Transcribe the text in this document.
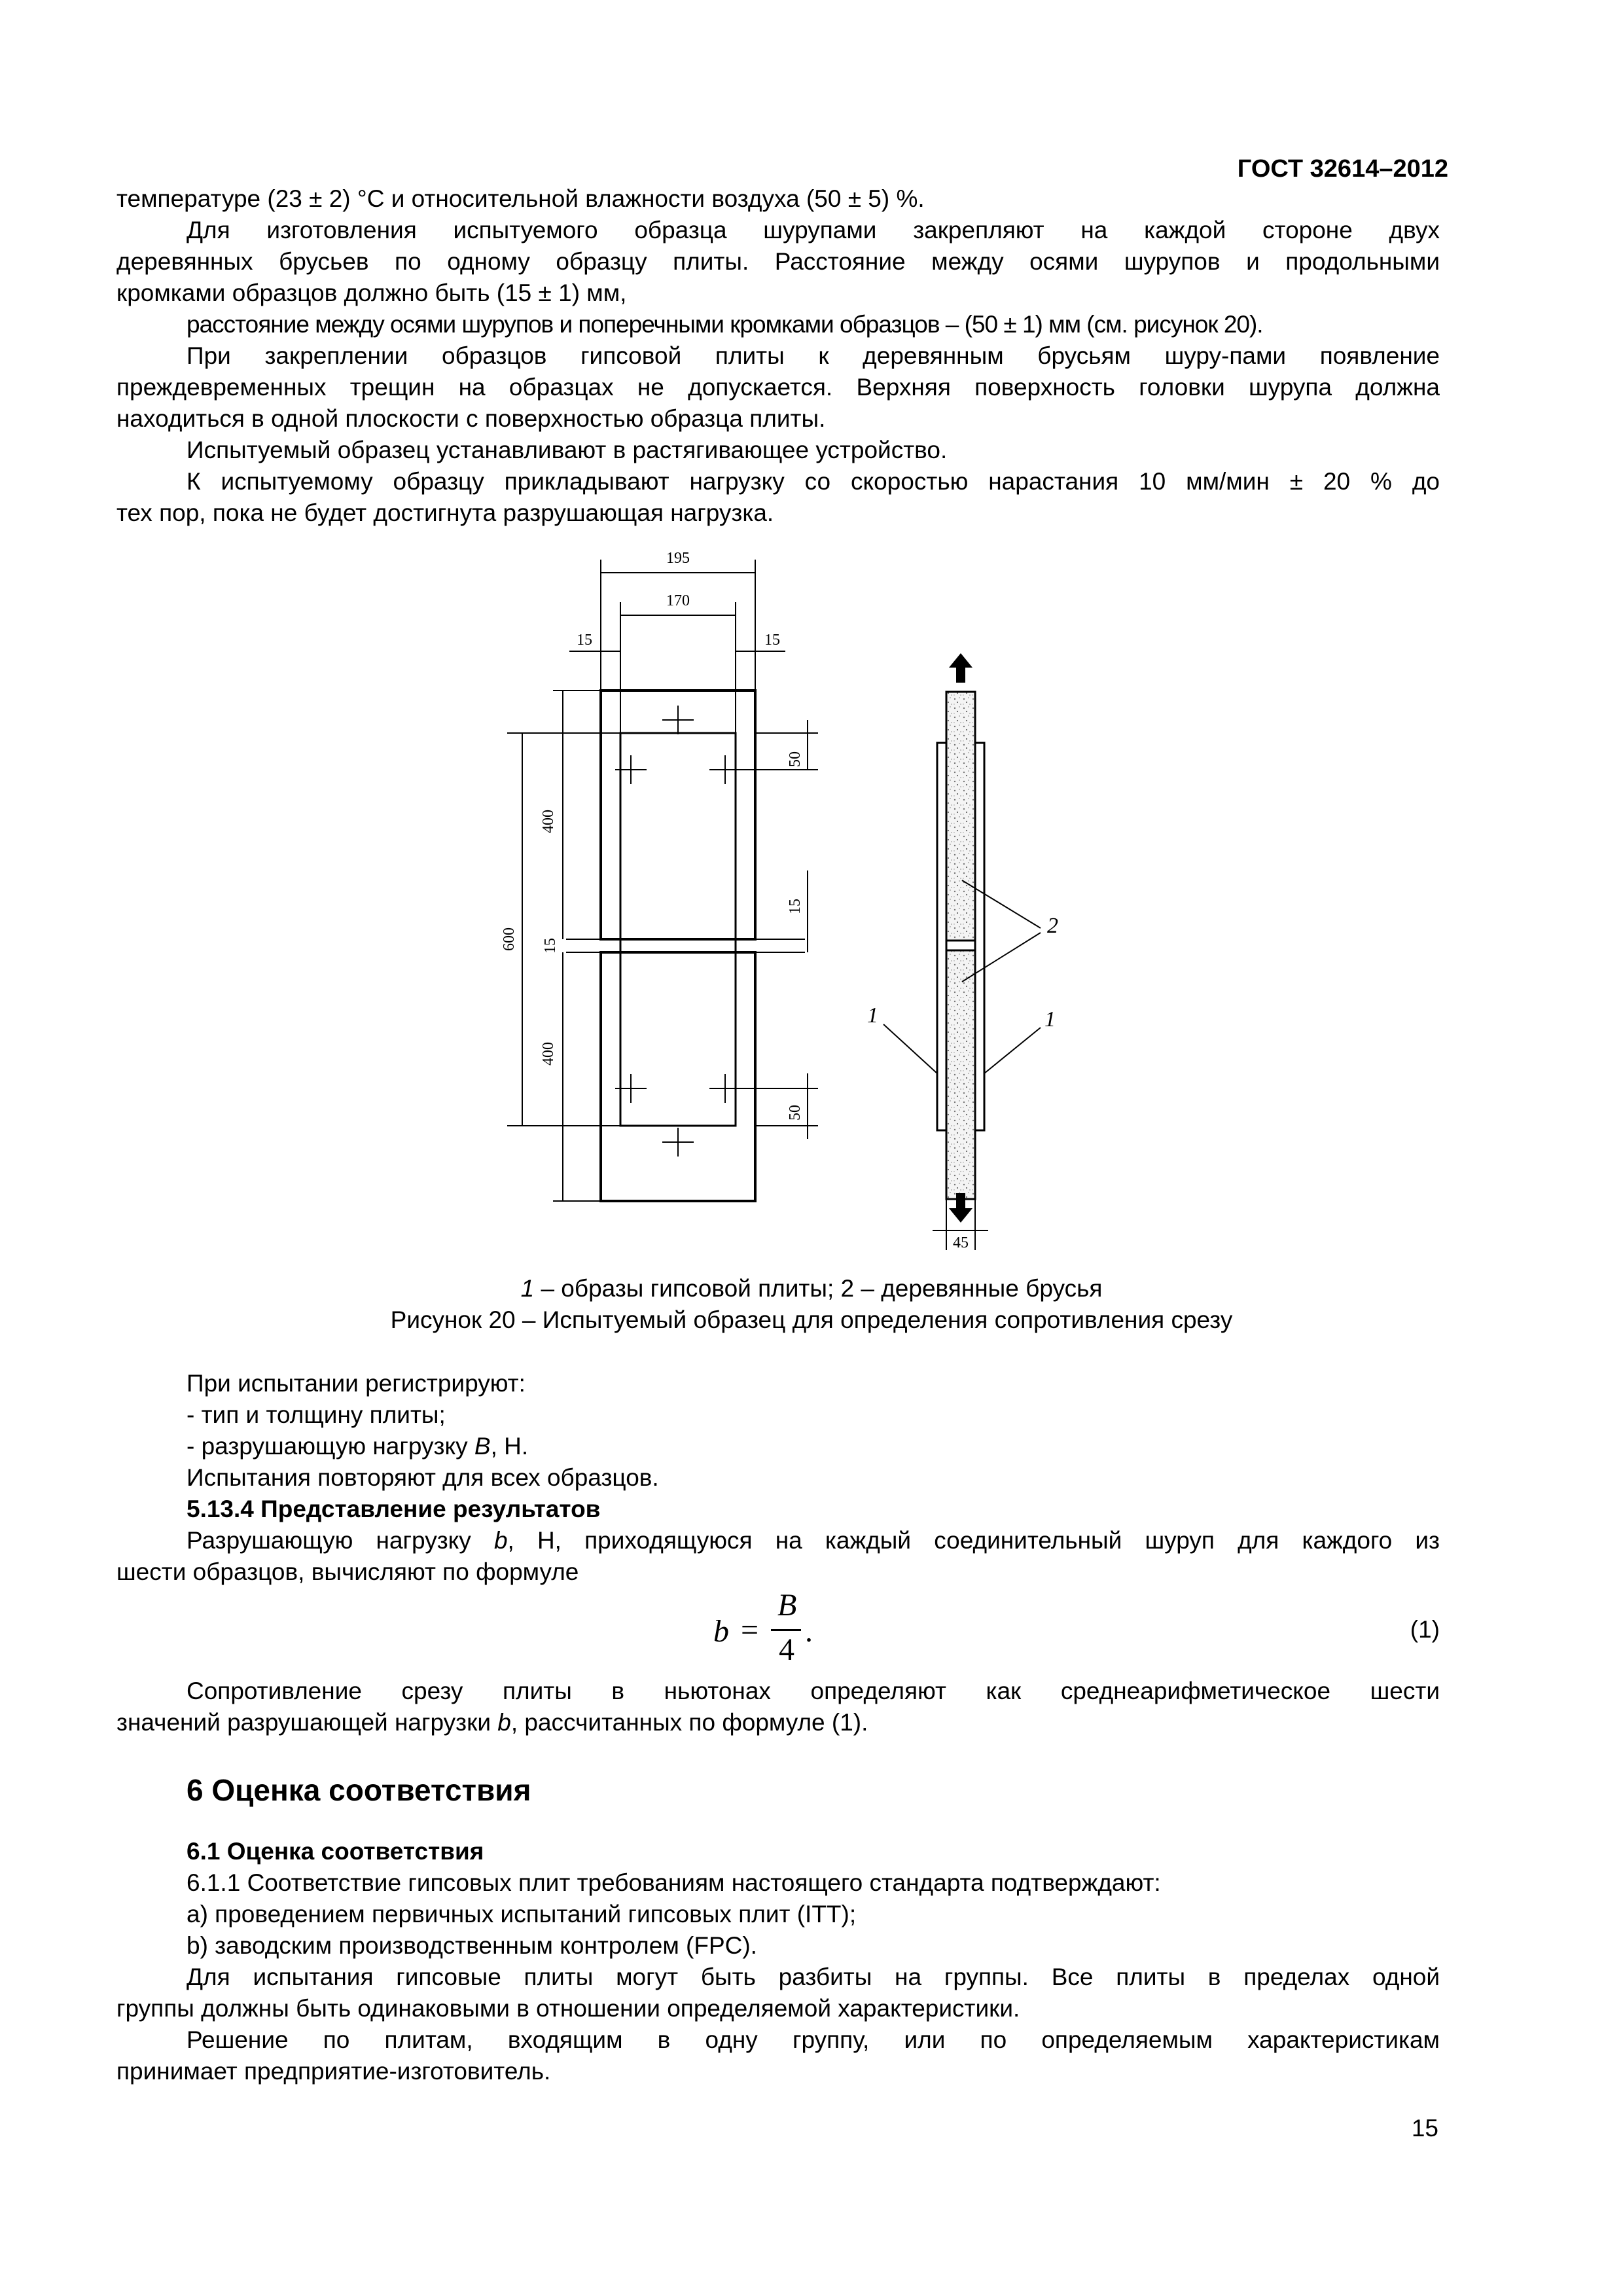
ГОСТ 32614–2012
температуре (23 ± 2) °С и относительной влажности воздуха (50 ± 5) %.
Для изготовления испытуемого образца шурупами закрепляют на каждой стороне двух
деревянных брусьев по одному образцу плиты. Расстояние между осями шурупов и продольными
кромками образцов должно быть (15 ± 1) мм,
расстояние между осями шурупов и поперечными кромками образцов – (50 ± 1) мм (см. рисунок 20).
При закреплении образцов гипсовой плиты к деревянным брусьям шуру-пами появление
преждевременных трещин на образцах не допускается. Верхняя поверхность головки шурупа должна
находиться в одной плоскости с поверхностью образца плиты.
Испытуемый образец устанавливают в растягивающее устройство.
К испытуемому образцу прикладывают нагрузку со скоростью нарастания 10 мм/мин ± 20 % до
тех пор, пока не будет достигнута разрушающая нагрузка.
195
170
15	15
50
400
600
15
15
400
50
45
2
1	1
1 – образы гипсовой плиты; 2 – деревянные брусья
Рисунок 20 – Испытуемый образец для определения сопротивления срезу
При испытании регистрируют:
- тип и толщину плиты;
- разрушающую нагрузку B, Н.
Испытания повторяют для всех образцов.
5.13.4 Представление результатов
Разрушающую нагрузку b, Н, приходящуюся на каждый соединительный шуруп для каждого из
шести образцов, вычисляют по формуле
b =
B
4
.	(1)
Сопротивление срезу плиты в ньютонах определяют как среднеарифметическое шести
значений разрушающей нагрузки b, рассчитанных по формуле (1).
6 Оценка соответствия
6.1 Оценка соответствия
6.1.1 Соответствие гипсовых плит требованиям настоящего стандарта подтверждают:
а) проведением первичных испытаний гипсовых плит (ITT);
b) заводским производственным контролем (FPC).
Для испытания гипсовые плиты могут быть разбиты на группы. Все плиты в пределах одной
группы должны быть одинаковыми в отношении определяемой характеристики.
Решение по плитам, входящим в одну группу, или по определяемым характеристикам
принимает предприятие-изготовитель.
15
